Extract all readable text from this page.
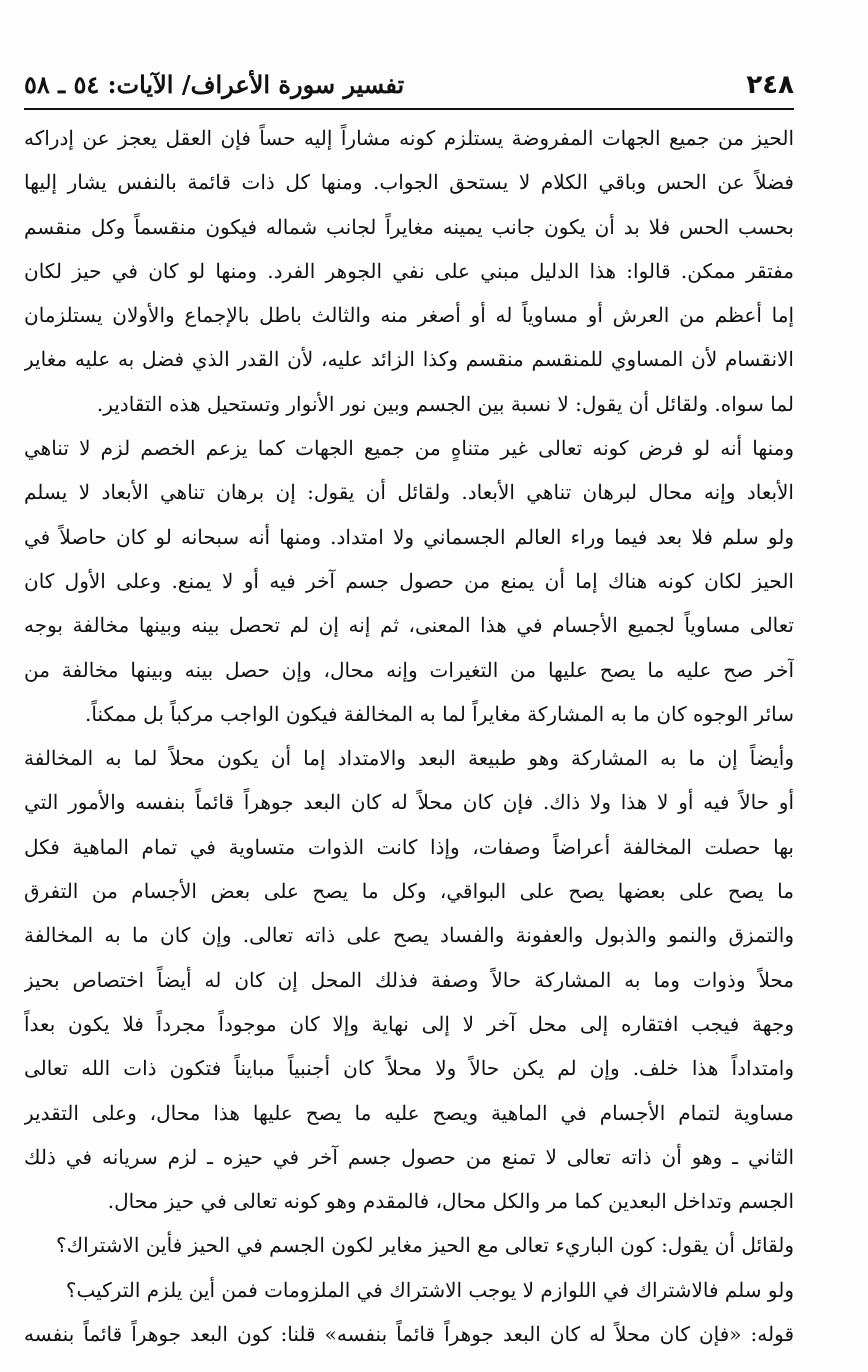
٢٤٨
تفسير سورة الأعراف/ الآيات: ٥٤ ـ ٥٨
الحيز من جميع الجهات المفروضة يستلزم كونه مشاراً إليه حساً فإن العقل يعجز عن إدراكه
فضلاً عن الحس وباقي الكلام لا يستحق الجواب. ومنها كل ذات قائمة بالنفس يشار إليها
بحسب الحس فلا بد أن يكون جانب يمينه مغايراً لجانب شماله فيكون منقسماً وكل منقسم
مفتقر ممكن. قالوا: هذا الدليل مبني على نفي الجوهر الفرد. ومنها لو كان في حيز لكان
إما أعظم من العرش أو مساوياً له أو أصغر منه والثالث باطل بالإجماع والأولان يستلزمان
الانقسام لأن المساوي للمنقسم منقسم وكذا الزائد عليه، لأن القدر الذي فضل به عليه مغاير
لما سواه. ولقائل أن يقول: لا نسبة بين الجسم وبين نور الأنوار وتستحيل هذه التقادير.
ومنها أنه لو فرض كونه تعالى غير متناهٍ من جميع الجهات كما يزعم الخصم لزم لا تناهي
الأبعاد وإنه محال لبرهان تناهي الأبعاد. ولقائل أن يقول: إن برهان تناهي الأبعاد لا يسلم
ولو سلم فلا بعد فيما وراء العالم الجسماني ولا امتداد. ومنها أنه سبحانه لو كان حاصلاً في
الحيز لكان كونه هناك إما أن يمنع من حصول جسم آخر فيه أو لا يمنع. وعلى الأول كان
تعالى مساوياً لجميع الأجسام في هذا المعنى، ثم إنه إن لم تحصل بينه وبينها مخالفة بوجه
آخر صح عليه ما يصح عليها من التغيرات وإنه محال، وإن حصل بينه وبينها مخالفة من
سائر الوجوه كان ما به المشاركة مغايراً لما به المخالفة فيكون الواجب مركباً بل ممكناً.
وأيضاً إن ما به المشاركة وهو طبيعة البعد والامتداد إما أن يكون محلاً لما به المخالفة
أو حالاً فيه أو لا هذا ولا ذاك. فإن كان محلاً له كان البعد جوهراً قائماً بنفسه والأمور التي
بها حصلت المخالفة أعراضاً وصفات، وإذا كانت الذوات متساوية في تمام الماهية فكل
ما يصح على بعضها يصح على البواقي، وكل ما يصح على بعض الأجسام من التفرق
والتمزق والنمو والذبول والعفونة والفساد يصح على ذاته تعالى. وإن كان ما به المخالفة
محلاً وذوات وما به المشاركة حالاً وصفة فذلك المحل إن كان له أيضاً اختصاص بحيز
وجهة فيجب افتقاره إلى محل آخر لا إلى نهاية وإلا كان موجوداً مجرداً فلا يكون بعداً
وامتداداً هذا خلف. وإن لم يكن حالاً ولا محلاً كان أجنبياً مبايناً فتكون ذات الله تعالى
مساوية لتمام الأجسام في الماهية ويصح عليه ما يصح عليها هذا محال، وعلى التقدير
الثاني ـ وهو أن ذاته تعالى لا تمنع من حصول جسم آخر في حيزه ـ لزم سريانه في ذلك
الجسم وتداخل البعدين كما مر والكل محال، فالمقدم وهو كونه تعالى في حيز محال.
ولقائل أن يقول: كون الباريء تعالى مع الحيز مغاير لكون الجسم في الحيز فأين الاشتراك؟
ولو سلم فالاشتراك في اللوازم لا يوجب الاشتراك في الملزومات فمن أين يلزم التركيب؟
قوله: «فإن كان محلاً له كان البعد جوهراً قائماً بنفسه» قلنا: كون البعد جوهراً قائماً بنفسه
